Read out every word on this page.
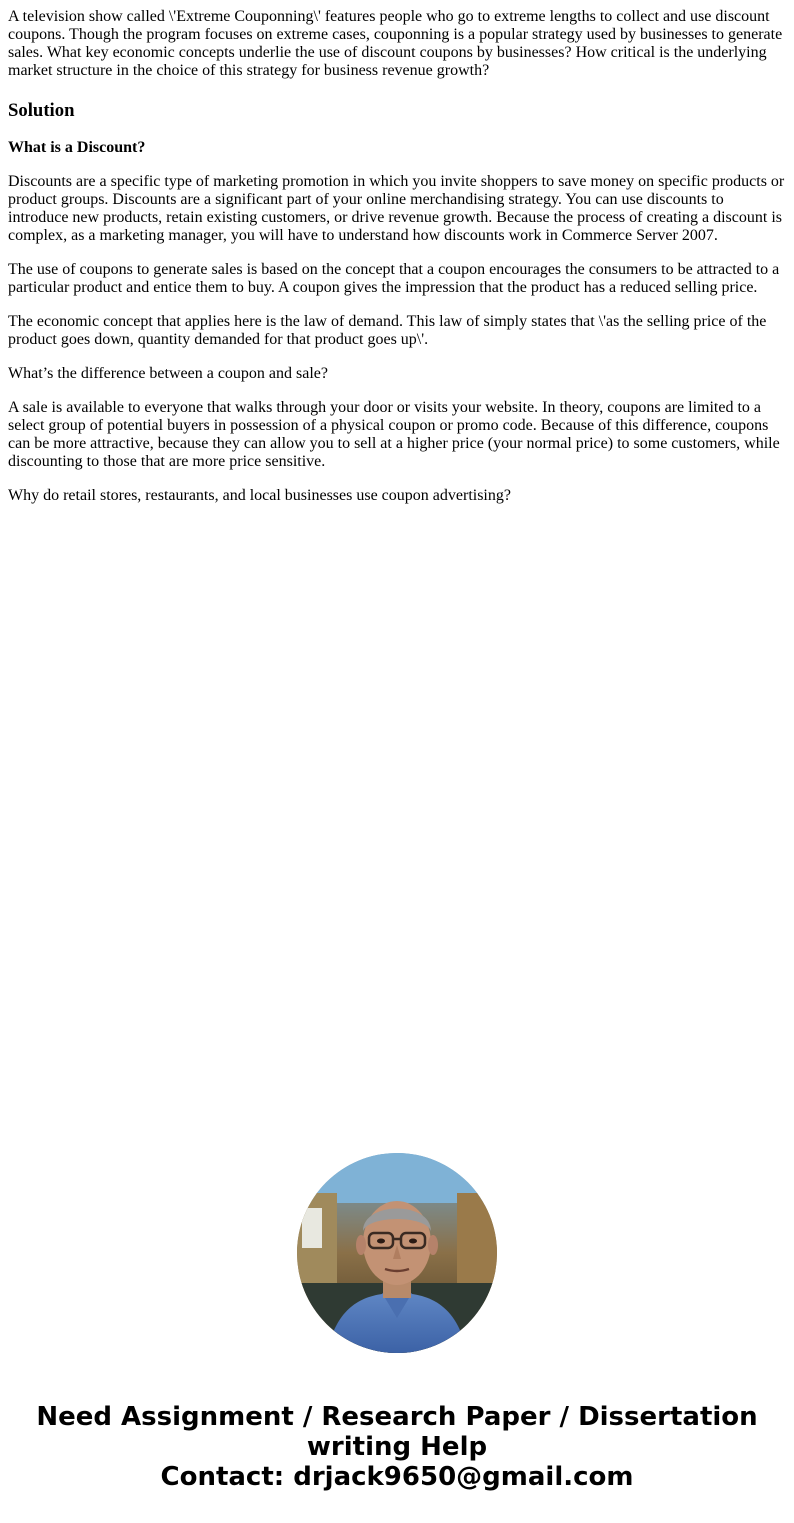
A television show called \'Extreme Couponning\' features people who go to extreme lengths to collect and use discount coupons. Though the program focuses on extreme cases, couponning is a popular strategy used by businesses to generate sales. What key economic concepts underlie the use of discount coupons by businesses? How critical is the underlying market structure in the choice of this strategy for business revenue growth?

Solution
What is a Discount?

Discounts are a specific type of marketing promotion in which you invite shoppers to save money on specific products or product groups. Discounts are a significant part of your online merchandising strategy. You can use discounts to introduce new products, retain existing customers, or drive revenue growth. Because the process of creating a discount is complex, as a marketing manager, you will have to understand how discounts work in Commerce Server 2007.

The use of coupons to generate sales is based on the concept that a coupon encourages the consumers to be attracted to a particular product and entice them to buy. A coupon gives the impression that the product has a reduced selling price.

The economic concept that applies here is the law of demand. This law of simply states that \'as the selling price of the product goes down, quantity demanded for that product goes up\'.

What’s the difference between a coupon and sale?

A sale is available to everyone that walks through your door or visits your website. In theory, coupons are limited to a select group of potential buyers in possession of a physical coupon or promo code. Because of this difference, coupons can be more attractive, because they can allow you to sell at a higher price (your normal price) to some customers, while discounting to those that are more price sensitive.

Why do retail stores, restaurants, and local businesses use coupon advertising?

Need Assignment / Research Paper / Dissertation
writing Help
Contact: drjack9650@gmail.com
